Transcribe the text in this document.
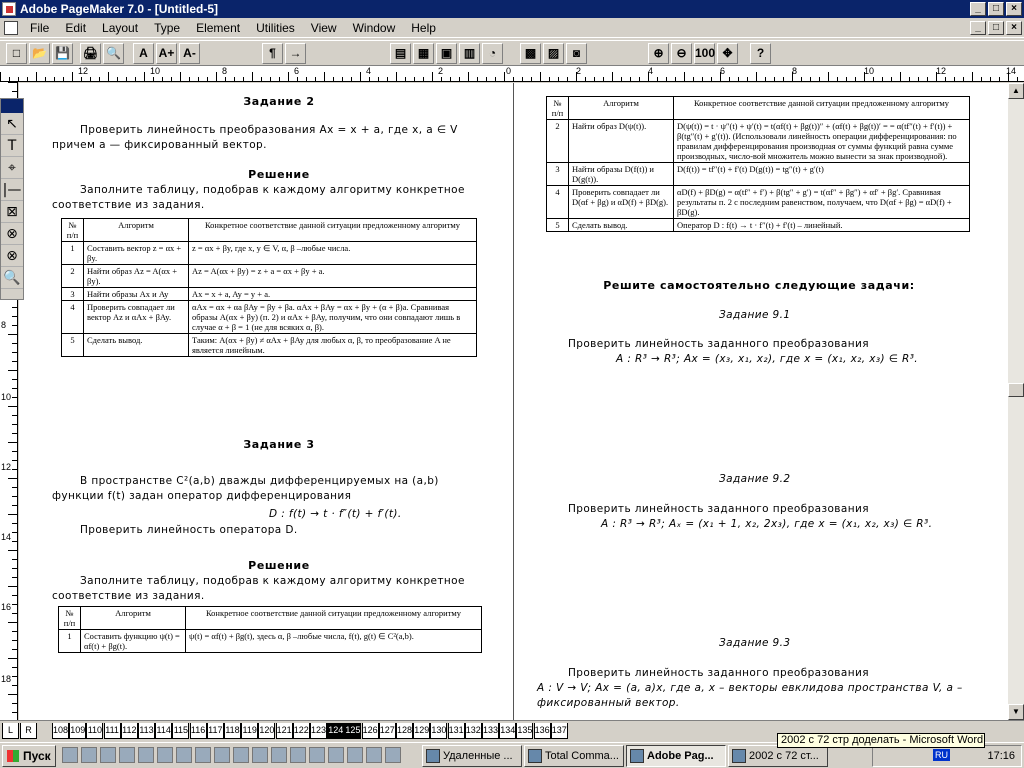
Adobe PageMaker 7.0 - [Untitled-5]	_	□	×
File	Edit	Layout	Type	Element	Utilities	View	Window	Help	_	□	×
□ 📂 💾 🖨 🔍	A A+ A-	¶	→	▤ ▦ ▣ ▥	◔	▩ ▨	◙	⊕	⊖ 100 ✥	?
12	10	8	6	4	2	0	2	4	6	8	10	12	14
8
10
12
14
16
18
Задание 2
Проверить линейность преобразования Ax = x + a, где x, a ∈ V причем a — фиксированный вектор.
Решение
Заполните таблицу, подобрав к каждому алгоритму конкретное соответствие из задания.
№ п/п	Алгоритм	Конкретное соответствие данной ситуации предложенному алгоритму
1	Составить вектор z = αx + βy.	z = αx + βy, где x, y ∈ V, α, β –любые числа.
2	Найти образ Az = A(αx + βy).	Az = A(αx + βy) = z + a = αx + βy + a.
3	Найти образы Ax и Ay	Ax = x + a, Ay = y + a.
4	Проверить совпадает ли вектор Az и αAx + βAy.	αAx = αx + αa βAy = βy + βa. αAx + βAy = αx + βy + (α + β)a. Сравнивая образы A(αx + βy) (п. 2) и αAx + βAy, получим, что они совпадают лишь в случае α + β = 1 (не для всяких α, β).
5	Сделать вывод.	Таким: A(αx + βy) ≠ αAx + βAy для любых α, β, то преобразование A не является линейным.
Задание 3
В пространстве C²(a,b) дважды дифференцируемых на (a,b) функции f(t) задан оператор дифференцирования
D : f(t) → t · f″(t) + f′(t).
Проверить линейность оператора D.
Решение
Заполните таблицу, подобрав к каждому алгоритму конкретное соответствие из задания.
№ п/п	Алгоритм	Конкретное соответствие данной ситуации предложенному алгоритму
1	Составить функцию ψ(t) = αf(t) + βg(t).	ψ(t) = αf(t) + βg(t), здесь α, β –любые числа, f(t), g(t) ∈ C²(a,b).
№ п/п	Алгоритм	Конкретное соответствие данной ситуации предложенному алгоритму
2	Найти образ D(ψ(t)).	D(ψ(t)) = t · ψ″(t) + ψ′(t) = t(αf(t) + βg(t))″ + (αf(t) + βg(t))′ = = α(tf″(t) + f′(t)) + β(tg″(t) + g′(t)). (Использовали линейность операции дифференцирования: по правилам дифференцирования производная от суммы функций равна сумме производных, число-вой множитель можно вынести за знак производной).
3	Найти образы D(f(t)) и D(g(t)).	D(f(t)) = tf″(t) + f′(t) D(g(t)) = tg″(t) + g′(t)
4	Проверить совпадает ли D(αf + βg) и αD(f) + βD(g).	αD(f) + βD(g) = α(tf″ + f′) + β(tg″ + g′) = t(αf″ + βg″) + αf′ + βg′. Сравнивая результаты п. 2 с последним равенством, получаем, что D(αf + βg) = αD(f) + βD(g).
5	Сделать вывод.	Оператор D : f(t) → t · f″(t) + f′(t) – линейный.
Решите самостоятельно следующие задачи:
Задание 9.1
Проверить линейность заданного преобразования
A : R³ → R³; Ax = (x₃, x₁, x₂), где x = (x₁, x₂, x₃) ∈ R³.
Задание 9.2
Проверить линейность заданного преобразования
A : R³ → R³; Aₓ = (x₁ + 1, x₂, 2x₃), где x = (x₁, x₂, x₃) ∈ R³.
Задание 9.3
Проверить линейность заданного преобразования
A : V → V; Ax = (a, a)x, где a, x – векторы евклидова пространства V, a – фиксированный вектор.
↖
T
⌖
|—
⊠
⊗
⊗
🔍
▲
▼
L	R	108 109 110 111 112 113 114 115 116 117 118 119 120 121 122 123 124 125 126 127 128 129 130 131 132 133 134 135 136 137
Пуск	RU	17:16
Удаленные ...	Total Comma...	Adobe Pag...	2002 с 72 ст...
2002 с 72 стр доделать - Microsoft Word
